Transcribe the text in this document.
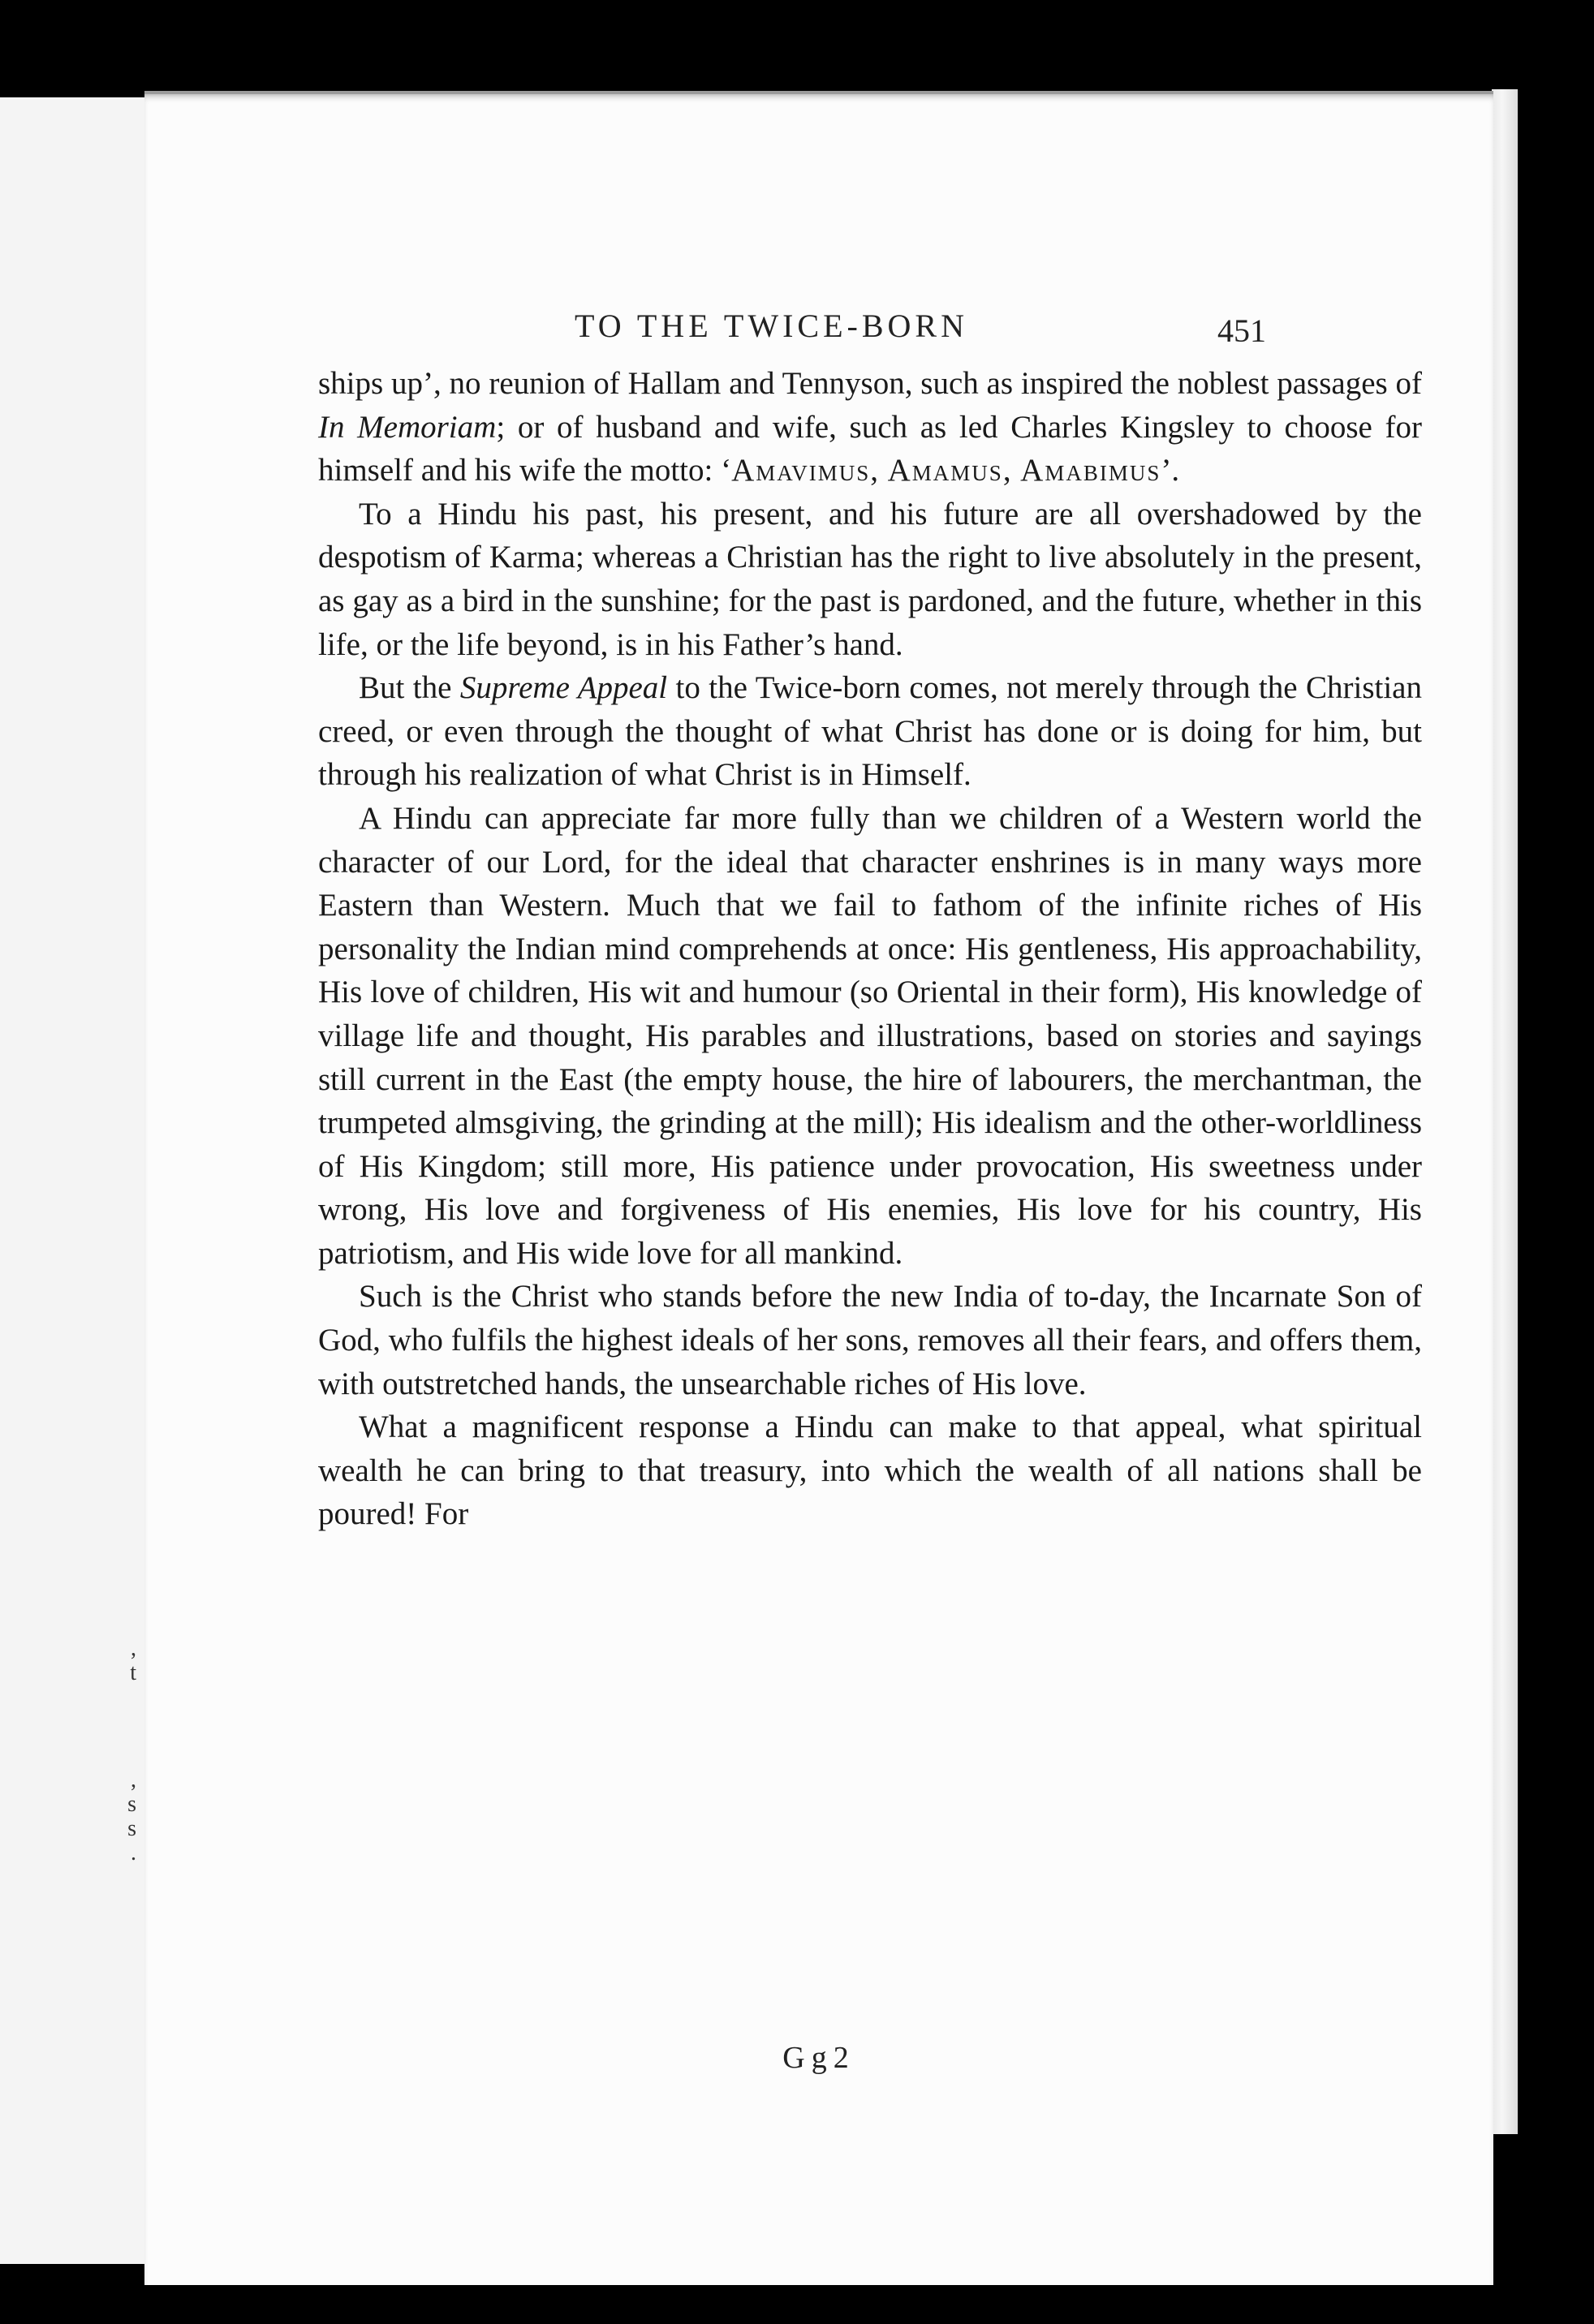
,
t
,
s
s
.
TO THE TWICE-BORN	451

ships up’, no reunion of Hallam and Tennyson, such as inspired the noblest passages of In Memoriam; or of husband and wife, such as led Charles Kingsley to choose for himself and his wife the motto: ‘Amavimus, Amamus, Amabimus’.

To a Hindu his past, his present, and his future are all overshadowed by the despotism of Karma; whereas a Christian has the right to live absolutely in the present, as gay as a bird in the sunshine; for the past is pardoned, and the future, whether in this life, or the life beyond, is in his Father’s hand.

But the Supreme Appeal to the Twice-born comes, not merely through the Christian creed, or even through the thought of what Christ has done or is doing for him, but through his realization of what Christ is in Himself.

A Hindu can appreciate far more fully than we children of a Western world the character of our Lord, for the ideal that character enshrines is in many ways more Eastern than Western. Much that we fail to fathom of the infinite riches of His personality the Indian mind comprehends at once: His gentleness, His approachability, His love of children, His wit and humour (so Oriental in their form), His knowledge of village life and thought, His parables and illustrations, based on stories and sayings still current in the East (the empty house, the hire of labourers, the merchantman, the trumpeted almsgiving, the grinding at the mill); His idealism and the other-worldliness of His Kingdom; still more, His patience under provocation, His sweetness under wrong, His love and forgiveness of His enemies, His love for his country, His patriotism, and His wide love for all mankind.

Such is the Christ who stands before the new India of to-day, the Incarnate Son of God, who fulfils the highest ideals of her sons, removes all their fears, and offers them, with outstretched hands, the unsearchable riches of His love.

What a magnificent response a Hindu can make to that appeal, what spiritual wealth he can bring to that treasury, into which the wealth of all nations shall be poured! For

Gg2
